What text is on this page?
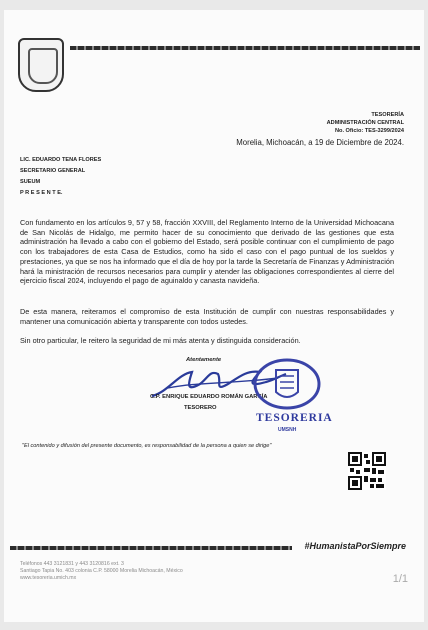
TESORERÍA
ADMINISTRACIÓN CENTRAL
No. Oficio: TES-3299/2024
Morelia, Michoacán, a 19 de Diciembre de 2024.
LIC. EDUARDO TENA FLORES
SECRETARIO GENERAL
SUEUM
P R E S E N T E.
Con fundamento en los artículos 9, 57 y 58, fracción XXVIII, del Reglamento Interno de la Universidad Michoacana de San Nicolás de Hidalgo, me permito hacer de su conocimiento que derivado de las gestiones que esta administración ha llevado a cabo con el gobierno del Estado, será posible continuar con el cumplimiento de pago con los trabajadores de esta Casa de Estudios, como ha sido el caso con el pago puntual de los sueldos y prestaciones, ya que se nos ha informado que el día de hoy por la tarde la Secretaría de Finanzas y Administración hará la ministración de recursos necesarios para cumplir y atender las obligaciones correspondientes al cierre del ejercicio fiscal 2024, incluyendo el pago de aguinaldo y canasta navideña.
De esta manera, reiteramos el compromiso de esta Institución de cumplir con nuestras responsabilidades y mantener una comunicación abierta y transparente con todos ustedes.
Sin otro particular, le reitero la seguridad de mi más atenta y distinguida consideración.
Atentamente
C.P. ENRIQUE EDUARDO ROMÁN GARCÍA
TESORERO
TESORERIA
UMSNH
"El contenido y difusión del presente documento, es responsabilidad de la persona a quien se dirige"
#HumanistaPorSiempre
Teléfonos 443 3121831 y 443 3120816 ext. 3
Santiago Tapia No. 403 colonia C.P. 58000 Morelia Michoacán, México
www.tesoreria.umich.mx	1/1
